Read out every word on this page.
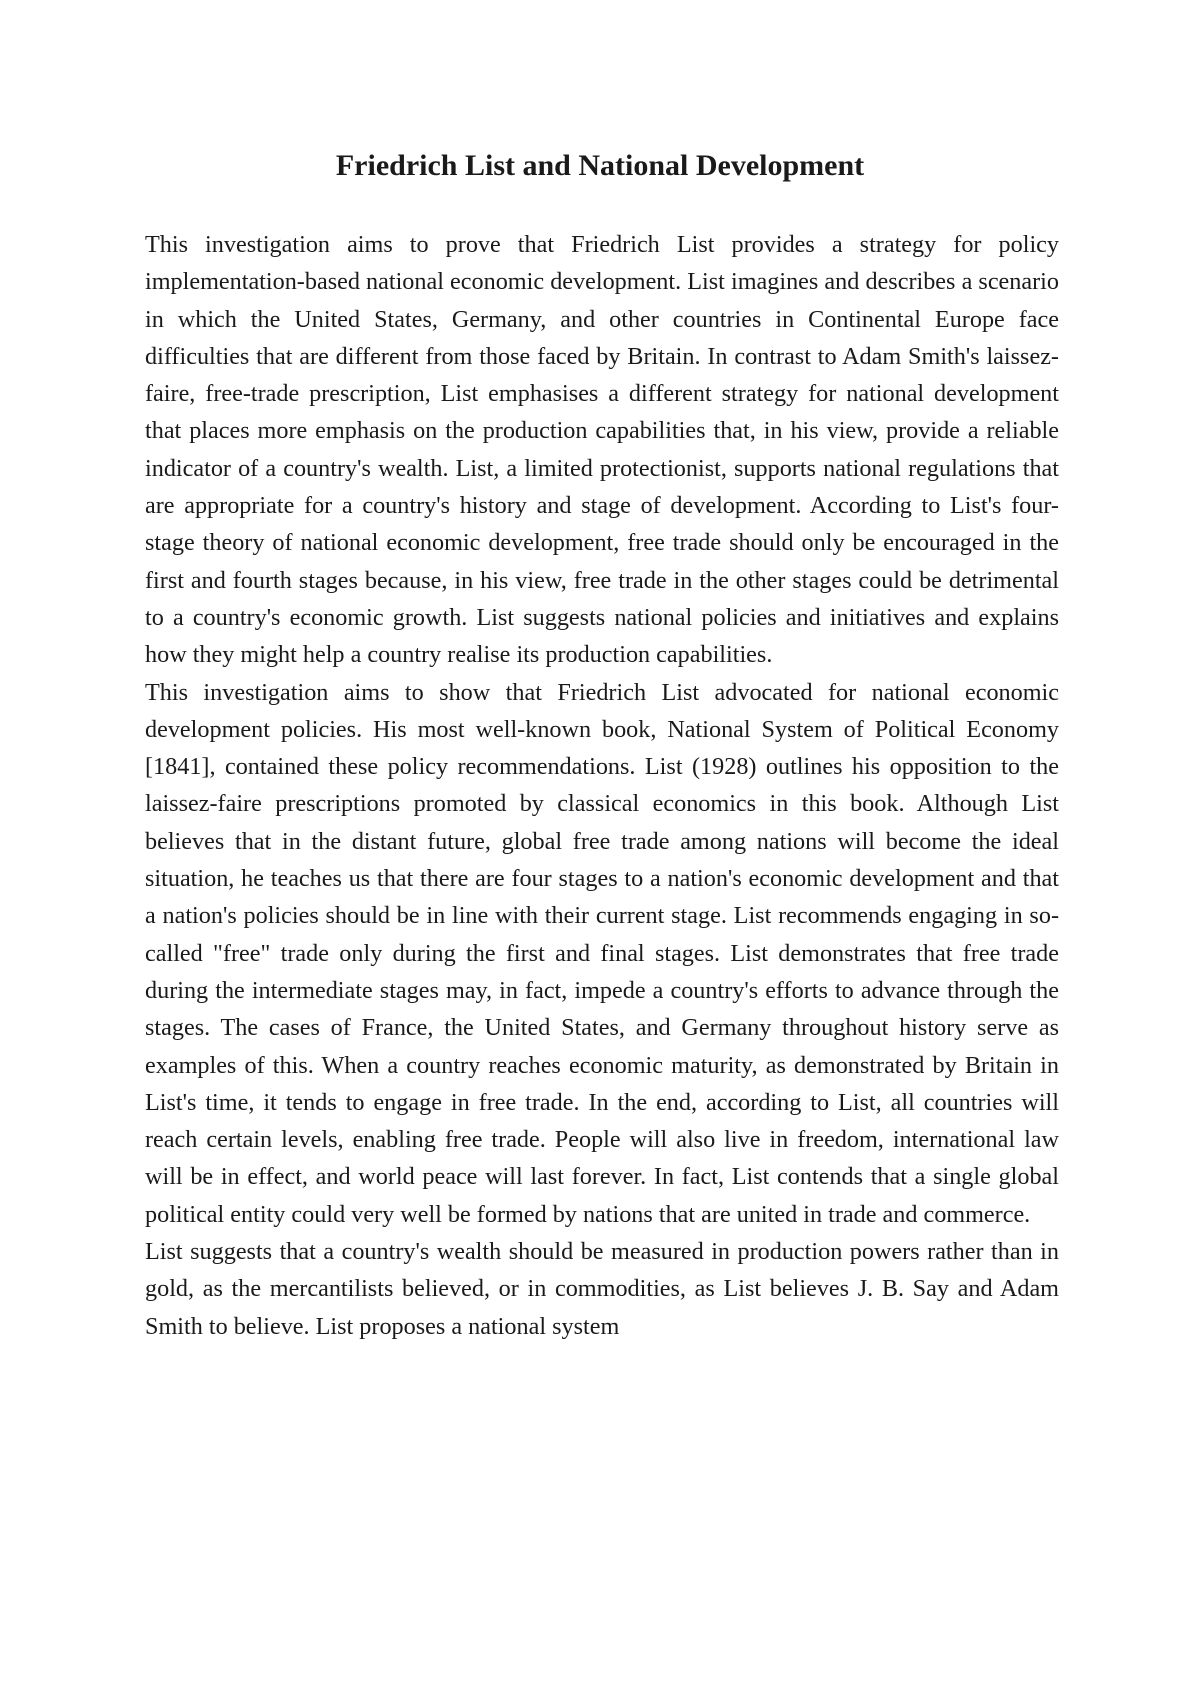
Friedrich List and National Development

This investigation aims to prove that Friedrich List provides a strategy for policy implementation-based national economic development. List imagines and describes a scenario in which the United States, Germany, and other countries in Continental Europe face difficulties that are different from those faced by Britain. In contrast to Adam Smith's laissez-faire, free-trade prescription, List emphasises a different strategy for national development that places more emphasis on the production capabilities that, in his view, provide a reliable indicator of a country's wealth. List, a limited protectionist, supports national regulations that are appropriate for a country's history and stage of development. According to List's four-stage theory of national economic development, free trade should only be encouraged in the first and fourth stages because, in his view, free trade in the other stages could be detrimental to a country's economic growth. List suggests national policies and initiatives and explains how they might help a country realise its production capabilities.

This investigation aims to show that Friedrich List advocated for national economic development policies. His most well-known book, National System of Political Economy [1841], contained these policy recommendations. List (1928) outlines his opposition to the laissez-faire prescriptions promoted by classical economics in this book. Although List believes that in the distant future, global free trade among nations will become the ideal situation, he teaches us that there are four stages to a nation's economic development and that a nation's policies should be in line with their current stage. List recommends engaging in so-called "free" trade only during the first and final stages. List demonstrates that free trade during the intermediate stages may, in fact, impede a country's efforts to advance through the stages. The cases of France, the United States, and Germany throughout history serve as examples of this. When a country reaches economic maturity, as demonstrated by Britain in List's time, it tends to engage in free trade. In the end, according to List, all countries will reach certain levels, enabling free trade. People will also live in freedom, international law will be in effect, and world peace will last forever. In fact, List contends that a single global political entity could very well be formed by nations that are united in trade and commerce.

List suggests that a country's wealth should be measured in production powers rather than in gold, as the mercantilists believed, or in commodities, as List believes J. B. Say and Adam Smith to believe. List proposes a national system
